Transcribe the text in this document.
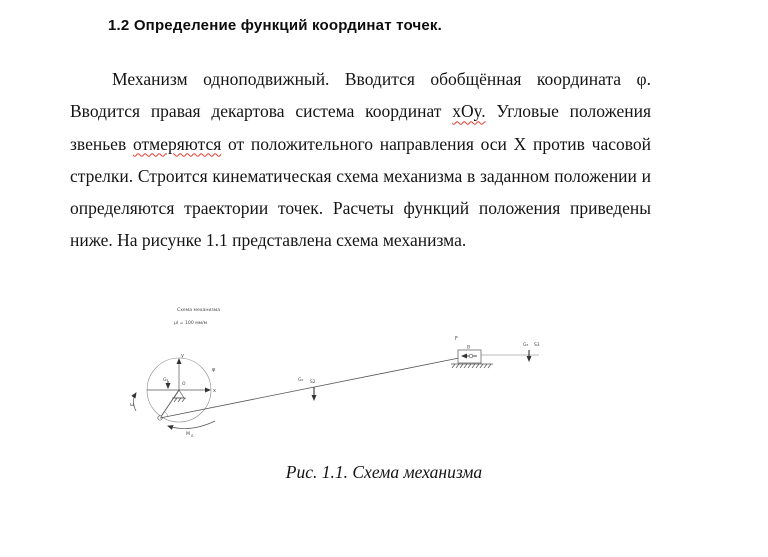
1.2 Определение функций координат точек.
Механизм одноподвижный. Вводится обобщённая координата φ. Вводится правая декартова система координат xOy. Угловые положения звеньев отмеряются от положительного направления оси X против часовой стрелки. Строится кинематическая схема механизма в заданном положении и определяются траектории точек. Расчеты функций положения приведены ниже. На рисунке 1.1 представлена схема механизма.
Схема механизма
μl = 100 мм/м
y
x
O
G₁
φ
ω
М д
G₂ S2
B
F
G₃ S3
Рис. 1.1. Схема механизма
